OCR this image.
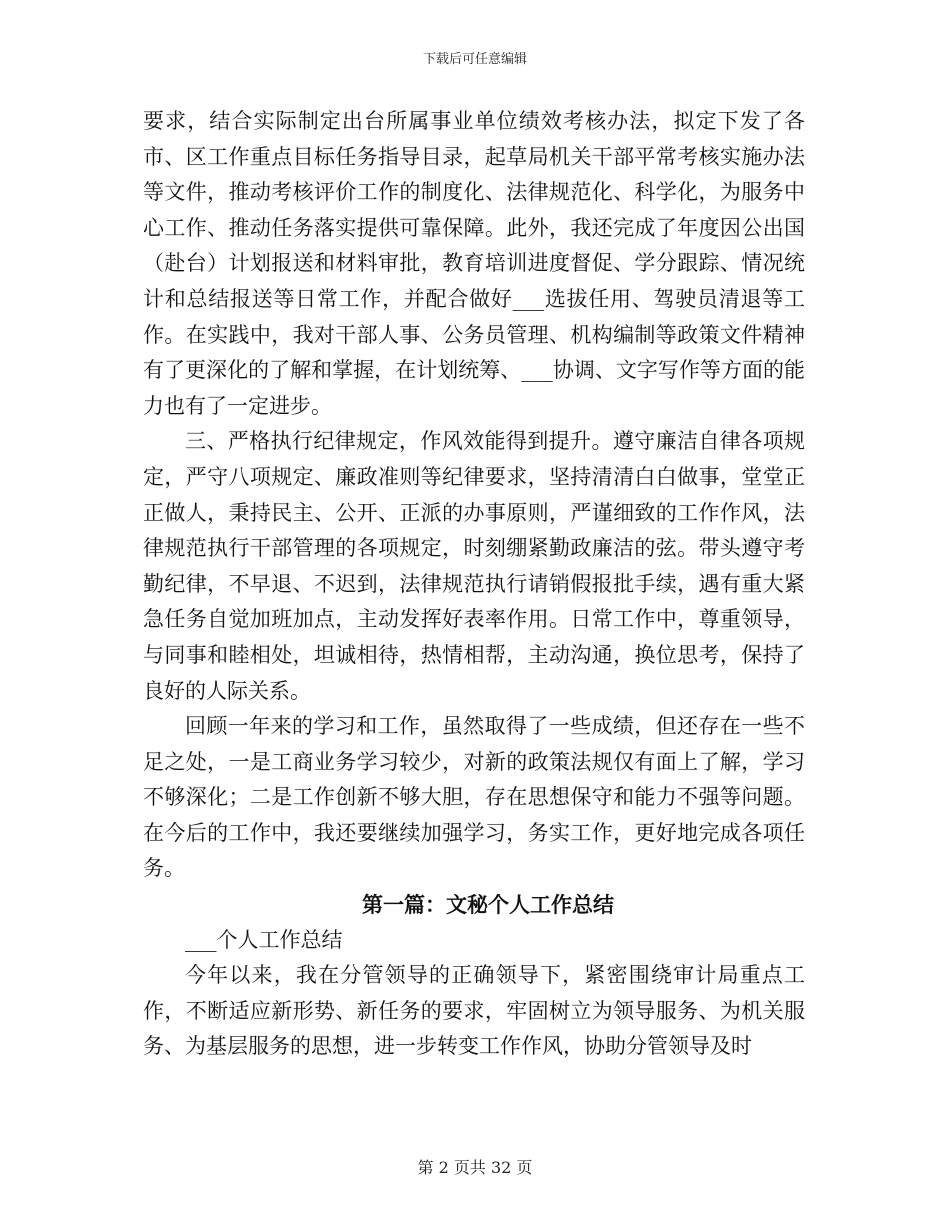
下载后可任意编辑

要求，结合实际制定出台所属事业单位绩效考核办法，拟定下发了各市、区工作重点目标任务指导目录，起草局机关干部平常考核实施办法等文件，推动考核评价工作的制度化、法律规范化、科学化，为服务中心工作、推动任务落实提供可靠保障。此外，我还完成了年度因公出国（赴台）计划报送和材料审批，教育培训进度督促、学分跟踪、情况统计和总结报送等日常工作，并配合做好___选拔任用、驾驶员清退等工作。在实践中，我对干部人事、公务员管理、机构编制等政策文件精神有了更深化的了解和掌握，在计划统筹、___协调、文字写作等方面的能力也有了一定进步。

三、严格执行纪律规定，作风效能得到提升。遵守廉洁自律各项规定，严守八项规定、廉政准则等纪律要求，坚持清清白白做事，堂堂正正做人，秉持民主、公开、正派的办事原则，严谨细致的工作作风，法律规范执行干部管理的各项规定，时刻绷紧勤政廉洁的弦。带头遵守考勤纪律，不早退、不迟到，法律规范执行请销假报批手续，遇有重大紧急任务自觉加班加点，主动发挥好表率作用。日常工作中，尊重领导，与同事和睦相处，坦诚相待，热情相帮，主动沟通，换位思考，保持了良好的人际关系。

回顾一年来的学习和工作，虽然取得了一些成绩，但还存在一些不足之处，一是工商业务学习较少，对新的政策法规仅有面上了解，学习不够深化；二是工作创新不够大胆，存在思想保守和能力不强等问题。在今后的工作中，我还要继续加强学习，务实工作，更好地完成各项任务。

第一篇：文秘个人工作总结

___个人工作总结

今年以来，我在分管领导的正确领导下，紧密围绕审计局重点工作，不断适应新形势、新任务的要求，牢固树立为领导服务、为机关服务、为基层服务的思想，进一步转变工作作风，协助分管领导及时

第 2 页共 32 页
